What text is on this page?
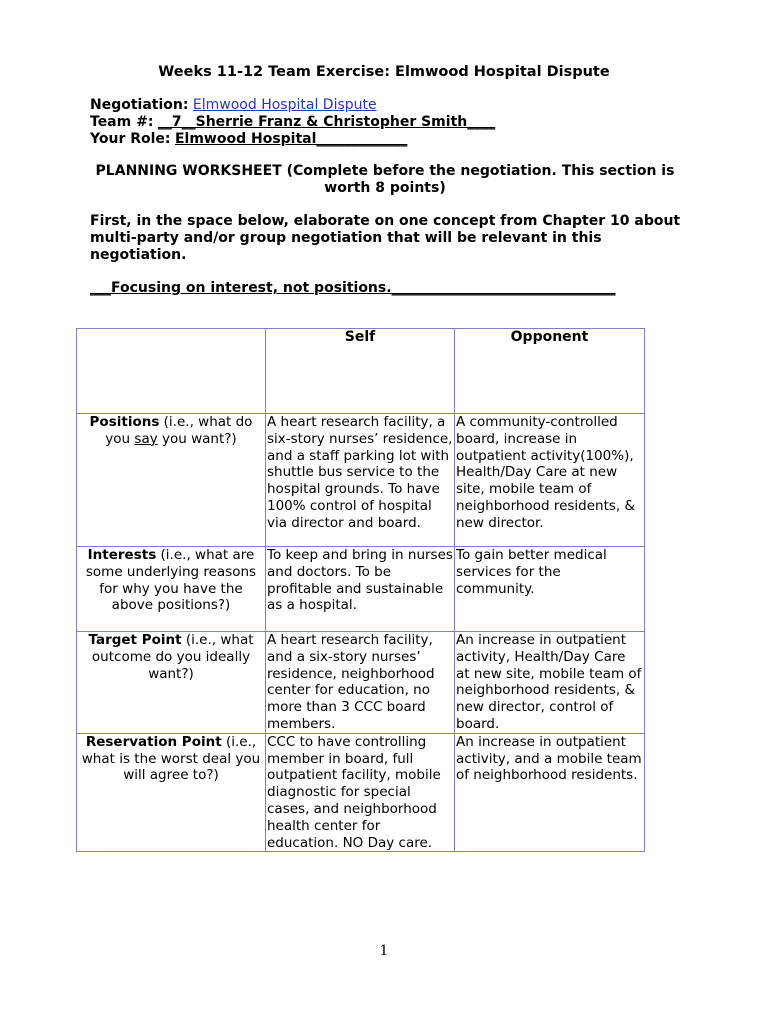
Weeks 11-12 Team Exercise: Elmwood Hospital Dispute
Negotiation: Elmwood Hospital Dispute
Team #: __7__Sherrie Franz & Christopher Smith____
Your Role: Elmwood Hospital_____________

PLANNING WORKSHEET (Complete before the negotiation. This section is worth 8 points)

First, in the space below, elaborate on one concept from Chapter 10 about multi-party and/or group negotiation that will be relevant in this negotiation.

___Focusing on interest, not positions.________________________________

	Self	Opponent
Positions (i.e., what do you say you want?)	A heart research facility, a six-story nurses’ residence, and a staff parking lot with shuttle bus service to the hospital grounds. To have 100% control of hospital via director and board.	A community-controlled board, increase in outpatient activity(100%), Health/Day Care at new site, mobile team of neighborhood residents, & new director.
Interests (i.e., what are some underlying reasons for why you have the above positions?)	To keep and bring in nurses and doctors. To be profitable and sustainable as a hospital.	To gain better medical services for the community.
Target Point (i.e., what outcome do you ideally want?)	A heart research facility, and a six-story nurses’ residence, neighborhood center for education, no more than 3 CCC board members.	An increase in outpatient activity, Health/Day Care at new site, mobile team of neighborhood residents, & new director, control of board.
Reservation Point (i.e., what is the worst deal you will agree to?)	CCC to have controlling member in board, full outpatient facility, mobile diagnostic for special cases, and neighborhood health center for education. NO Day care.	An increase in outpatient activity, and a mobile team of neighborhood residents.
1
